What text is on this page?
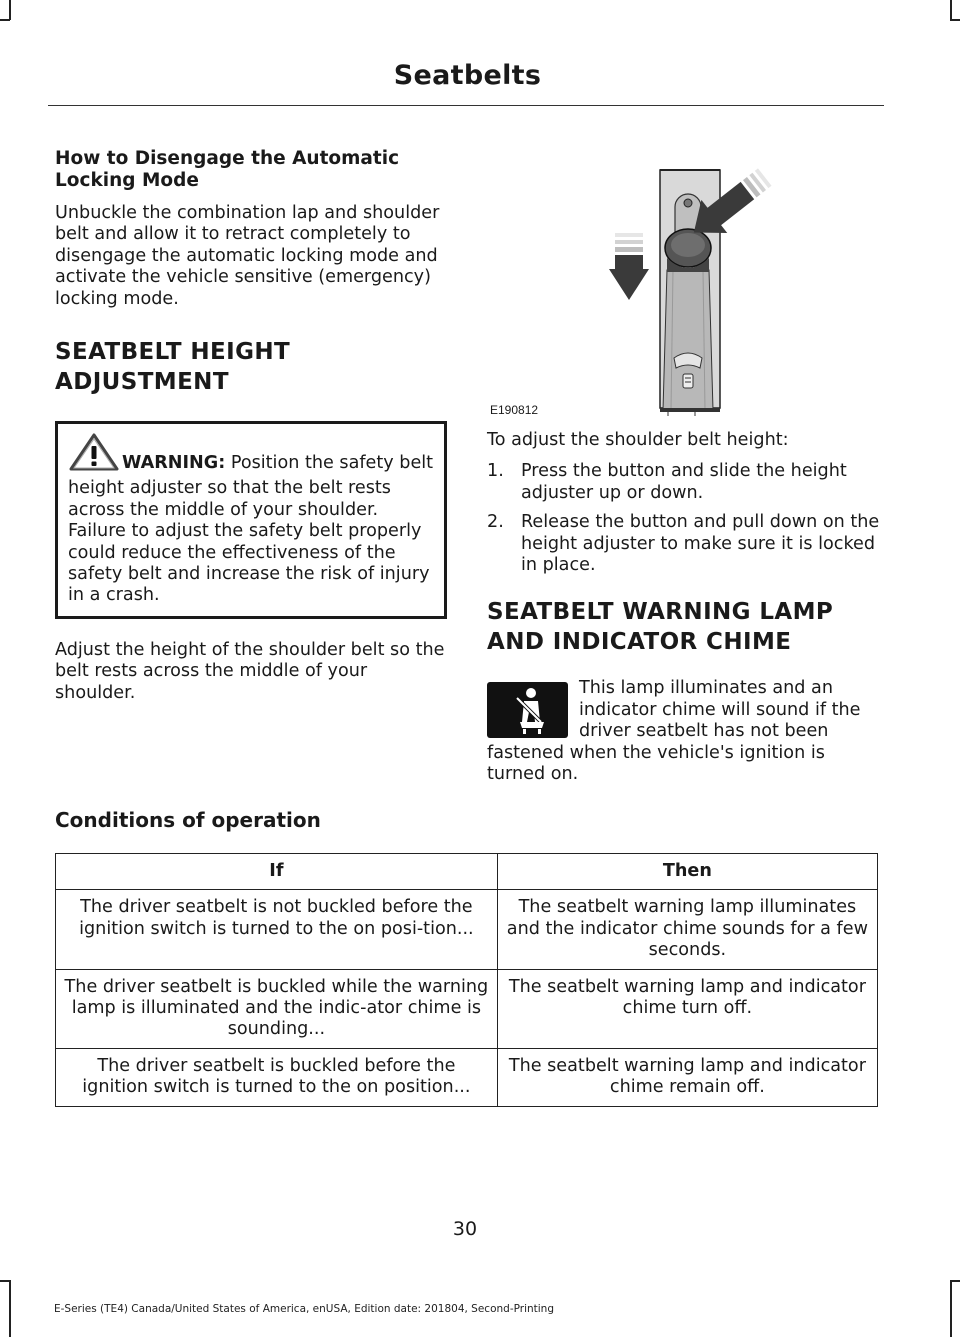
Seatbelts

How to Disengage the Automatic Locking Mode

Unbuckle the combination lap and shoulder belt and allow it to retract completely to disengage the automatic locking mode and activate the vehicle sensitive (emergency) locking mode.

SEATBELT HEIGHT

ADJUSTMENT

WARNING: Position the safety belt height adjuster so that the belt rests across the middle of your shoulder. Failure to adjust the safety belt properly could reduce the effectiveness of the safety belt and increase the risk of injury in a crash.

Adjust the height of the shoulder belt so the belt rests across the middle of your shoulder.

E190812

To adjust the shoulder belt height:

1. Press the button and slide the height adjuster up or down.
2. Release the button and pull down on the height adjuster to make sure it is locked in place.

SEATBELT WARNING LAMP

AND INDICATOR CHIME

This lamp illuminates and an indicator chime will sound if the driver seatbelt has not been fastened when the vehicle's ignition is turned on.

Conditions of operation
If	Then
The driver seatbelt is not buckled before the ignition switch is turned to the on posi-tion...	The seatbelt warning lamp illuminates and the indicator chime sounds for a few seconds.
The driver seatbelt is buckled while the warning lamp is illuminated and the indic-ator chime is sounding...	The seatbelt warning lamp and indicator chime turn off.
The driver seatbelt is buckled before the ignition switch is turned to the on position...	The seatbelt warning lamp and indicator chime remain off.
30
E-Series (TE4) Canada/United States of America, enUSA, Edition date: 201804, Second-Printing
